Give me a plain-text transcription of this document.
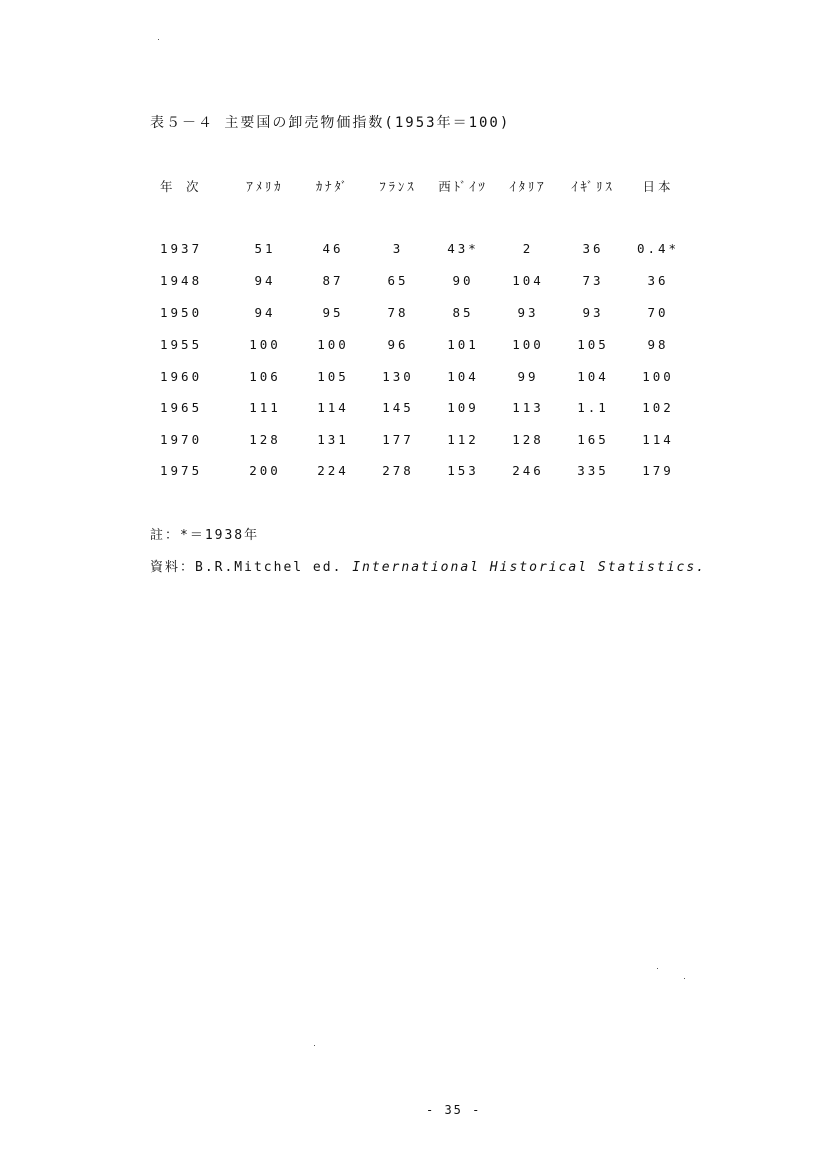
表５－４ 主要国の卸売物価指数(1953年＝100)
年 次	ｱﾒﾘｶ	ｶﾅﾀﾞ	ﾌﾗﾝｽ	西ﾄﾞｲﾂ	ｲﾀﾘｱ	ｲｷﾞﾘｽ	日本
1937	51	46	3	43*	2	36	0.4*
1948	94	87	65	90	104	73	36
1950	94	95	78	85	93	93	70
1955	100	100	96	101	100	105	98
1960	106	105	130	104	99	104	100
1965	111	114	145	109	113	1.1	102
1970	128	131	177	112	128	165	114
1975	200	224	278	153	246	335	179
註：*＝1938年
資料：B.R.Mitchel ed. International Historical Statistics.
- 35 -
